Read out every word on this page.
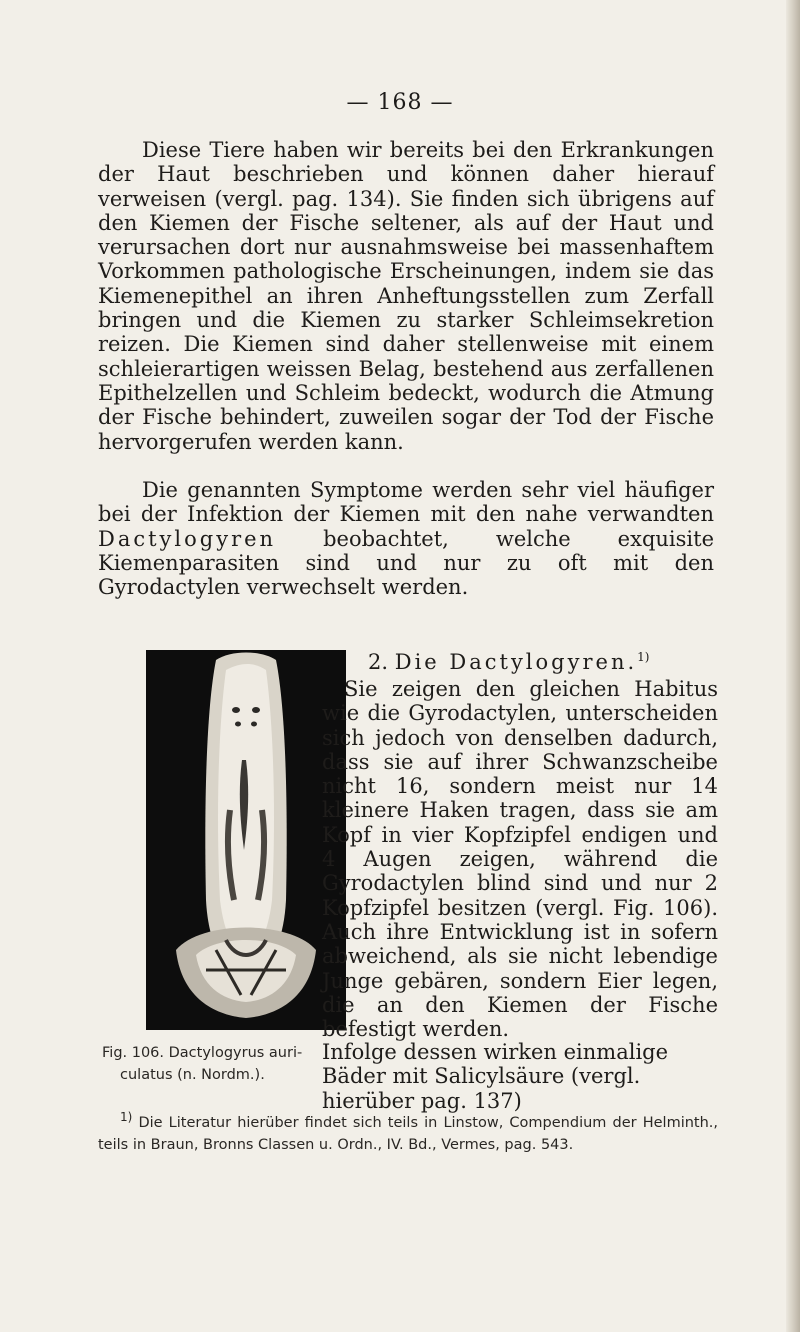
— 168 —

Diese Tiere haben wir bereits bei den Erkrankungen der Haut beschrieben und können daher hierauf verweisen (vergl. pag. 134). Sie finden sich übrigens auf den Kiemen der Fische seltener, als auf der Haut und verursachen dort nur ausnahmsweise bei massenhaftem Vorkommen pathologische Erscheinungen, indem sie das Kiemenepithel an ihren Anheftungsstellen zum Zerfall bringen und die Kiemen zu starker Schleimsekretion reizen. Die Kiemen sind daher stellenweise mit einem schleierartigen weissen Belag, bestehend aus zerfallenen Epithelzellen und Schleim bedeckt, wodurch die Atmung der Fische behindert, zuweilen sogar der Tod der Fische hervorgerufen werden kann.

Die genannten Symptome werden sehr viel häufiger bei der Infektion der Kiemen mit den nahe verwandten Dactylogyren beobachtet, welche exquisite Kiemenparasiten sind und nur zu oft mit den Gyrodactylen verwechselt werden.

2. Die Dactylogyren.$^{1)}$
Sie zeigen den gleichen Habitus wie die Gyrodactylen, unterscheiden sich jedoch von denselben dadurch, dass sie auf ihrer Schwanzscheibe nicht 16, sondern meist nur 14 kleinere Haken tragen, dass sie am Kopf in vier Kopfzipfel endigen und 4 Augen zeigen, während die Gyrodactylen blind sind und nur 2 Kopfzipfel besitzen (vergl. Fig. 106). Auch ihre Entwicklung ist in sofern abweichend, als sie nicht lebendige Junge gebären, sondern Eier legen, die an den Kiemen der Fische befestigt werden.
Fig. 106. Dactylogyrus auri-
culatus (n. Nordm.).

Infolge dessen wirken einmalige Bäder mit Salicylsäure (vergl. hierüber pag. 137)

$^{1)}$ Die Literatur hierüber findet sich teils in Linstow, Compendium der Helminth., teils in Braun, Bronns Classen u. Ordn., IV. Bd., Vermes, pag. 543.
